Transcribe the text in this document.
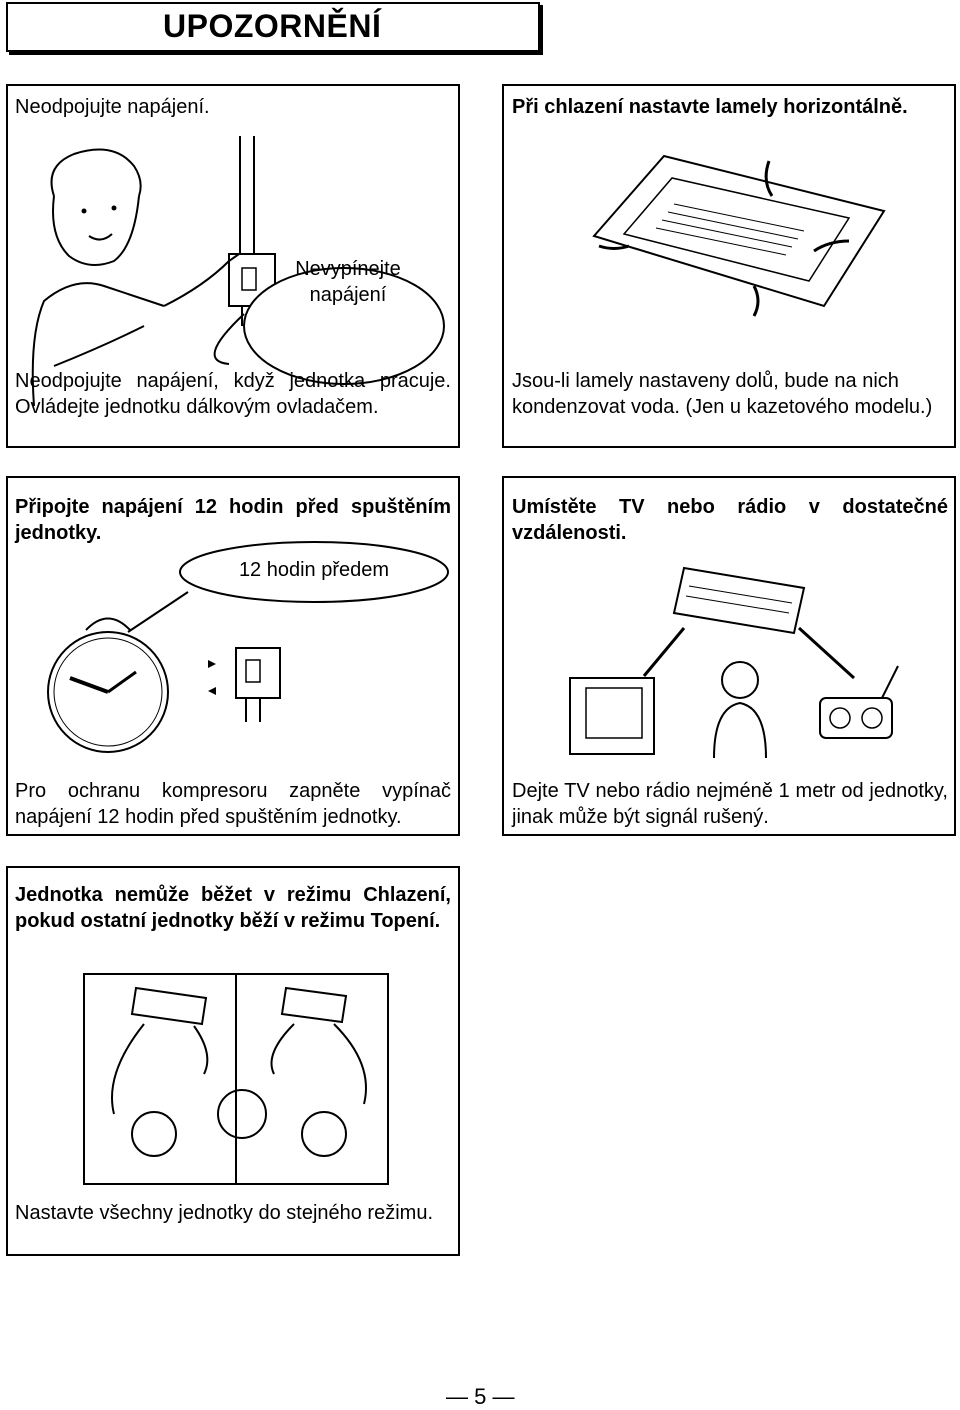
UPOZORNĚNÍ
Neodpojujte napájení.
Nevypínejte
napájení
Neodpojujte napájení, když jednotka pracuje. Ovládejte jednotku dálkovým ovladačem.
Při chlazení nastavte lamely horizontálně.
Jsou-li lamely nastaveny dolů, bude na nich kondenzovat voda. (Jen u kazetového modelu.)
Připojte napájení 12 hodin před spuštěním jednotky.
12 hodin předem
Pro ochranu kompresoru zapněte vypínač napájení 12 hodin před spuštěním jednotky.
Umístěte TV nebo rádio v dostatečné vzdálenosti.
Dejte TV nebo rádio nejméně 1 metr od jednotky, jinak může být signál rušený.
Jednotka nemůže běžet v režimu Chlazení, pokud ostatní jednotky běží v režimu Topení.
Nastavte všechny jednotky do stejného režimu.
— 5 —
